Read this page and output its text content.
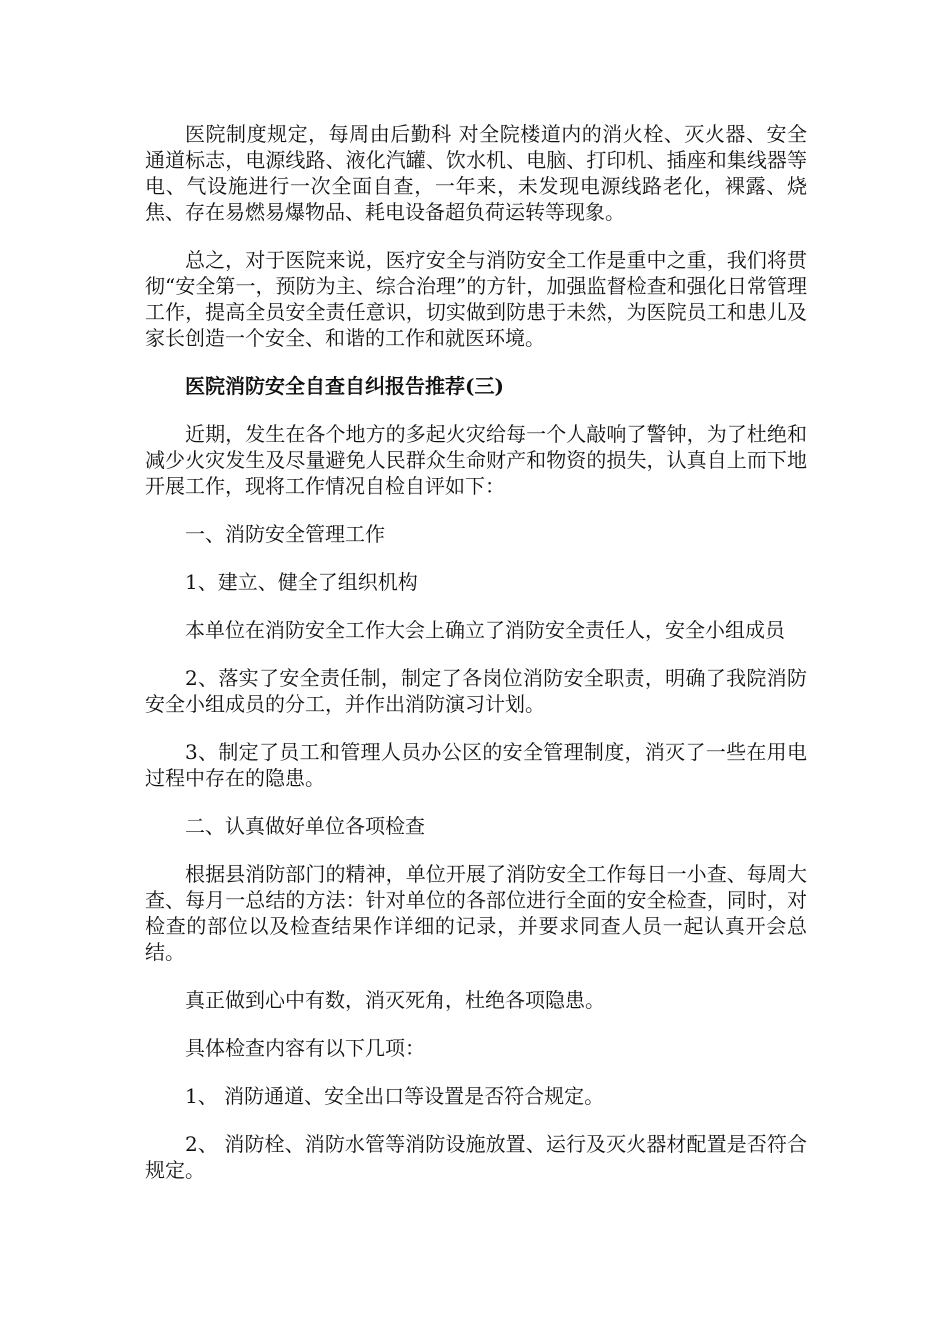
医院制度规定，每周由后勤科 对全院楼道内的消火栓、灭火器、安全通道标志，电源线路、液化汽罐、饮水机、电脑、打印机、插座和集线器等电、气设施进行一次全面自查，一年来，未发现电源线路老化，裸露、烧焦、存在易燃易爆物品、耗电设备超负荷运转等现象。

总之，对于医院来说，医疗安全与消防安全工作是重中之重，我们将贯彻“安全第一，预防为主、综合治理”的方针，加强监督检查和强化日常管理工作，提高全员安全责任意识，切实做到防患于未然，为医院员工和患儿及家长创造一个安全、和谐的工作和就医环境。

医院消防安全自查自纠报告推荐(三)

近期，发生在各个地方的多起火灾给每一个人敲响了警钟，为了杜绝和减少火灾发生及尽量避免人民群众生命财产和物资的损失，认真自上而下地开展工作，现将工作情况自检自评如下：

一、消防安全管理工作

1、建立、健全了组织机构

本单位在消防安全工作大会上确立了消防安全责任人，安全小组成员

2、落实了安全责任制，制定了各岗位消防安全职责，明确了我院消防安全小组成员的分工，并作出消防演习计划。

3、制定了员工和管理人员办公区的安全管理制度，消灭了一些在用电过程中存在的隐患。

二、认真做好单位各项检查

根据县消防部门的精神，单位开展了消防安全工作每日一小查、每周大查、每月一总结的方法：针对单位的各部位进行全面的安全检查，同时，对检查的部位以及检查结果作详细的记录，并要求同查人员一起认真开会总结。

真正做到心中有数，消灭死角，杜绝各项隐患。

具体检查内容有以下几项：

1、 消防通道、安全出口等设置是否符合规定。

2、 消防栓、消防水管等消防设施放置、运行及灭火器材配置是否符合规定。
